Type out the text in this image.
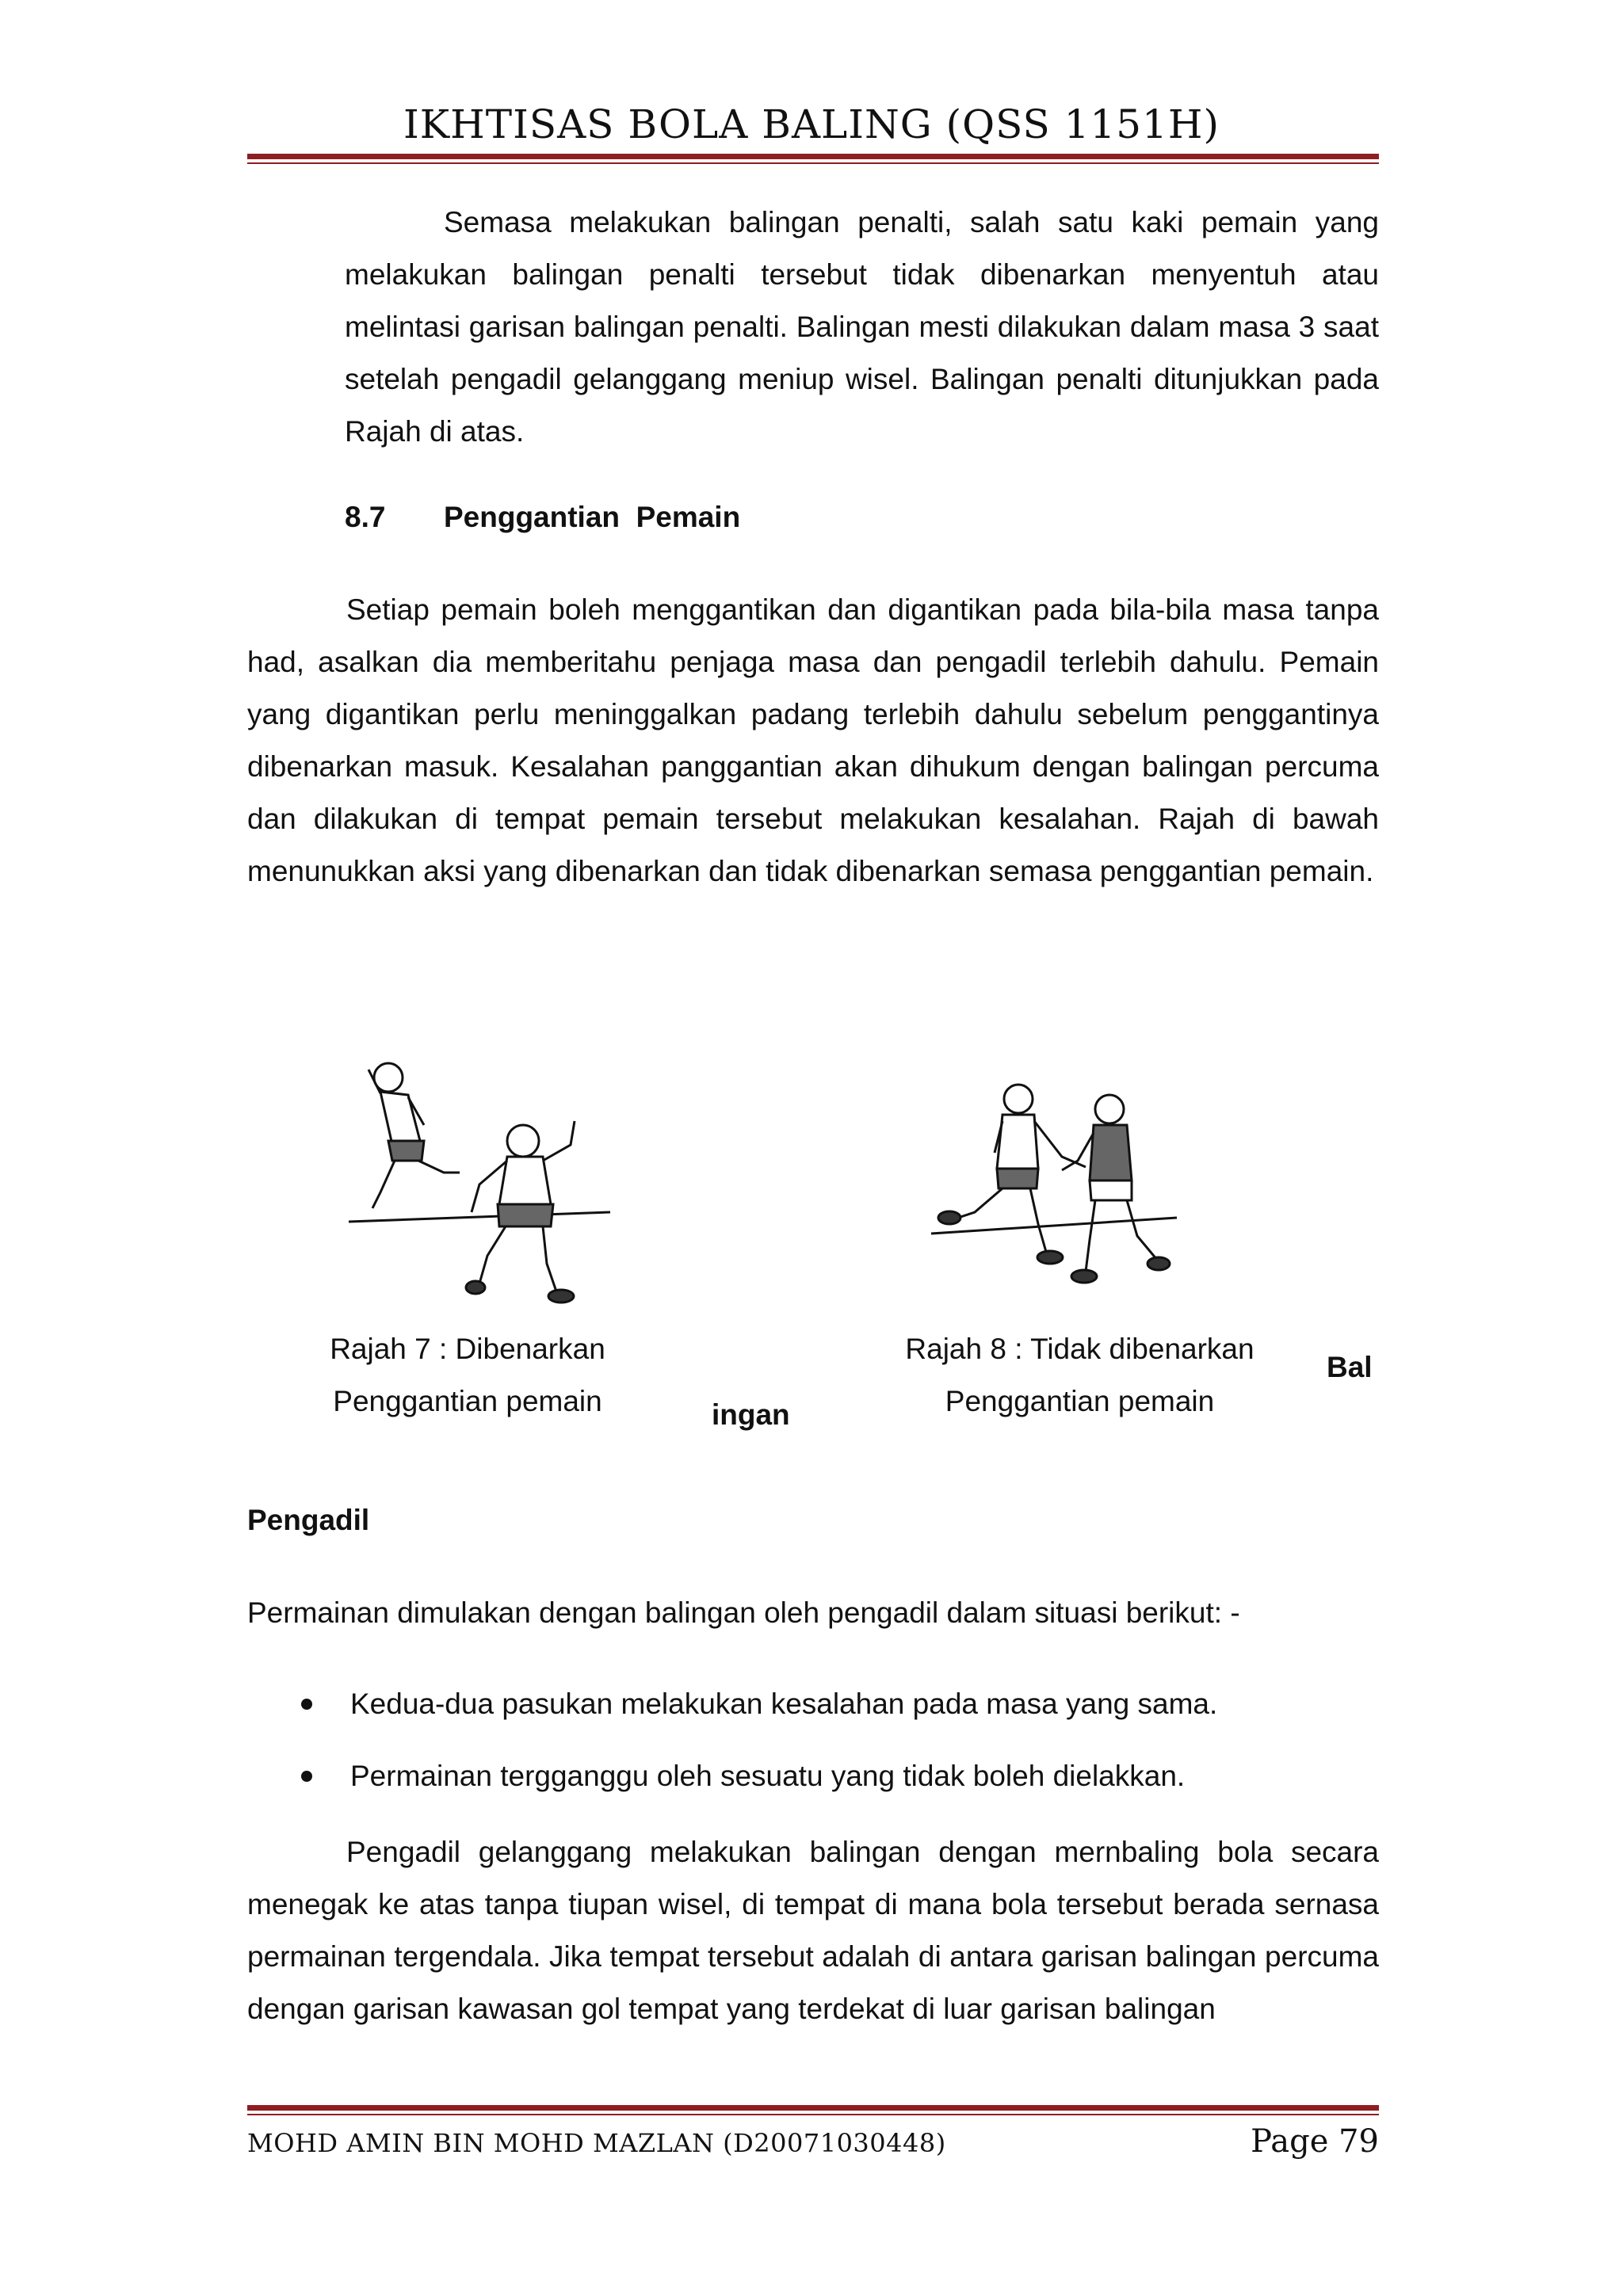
IKHTISAS BOLA BALING (QSS 1151H)

Semasa melakukan balingan penalti, salah satu kaki pemain yang melakukan balingan penalti tersebut tidak dibenarkan menyentuh atau melintasi garisan balingan penalti. Balingan mesti dilakukan dalam masa 3 saat setelah pengadil gelanggang meniup wisel. Balingan penalti ditunjukkan pada Rajah di atas.

8.7 Penggantian  Pemain

Setiap pemain boleh menggantikan dan digantikan pada bila-bila masa tanpa had, asalkan dia memberitahu penjaga masa dan pengadil terlebih dahulu. Pemain yang digantikan perlu meninggalkan padang terlebih dahulu sebelum penggantinya dibenarkan masuk. Kesalahan panggantian akan dihukum dengan balingan percuma dan dilakukan di tempat pemain tersebut melakukan kesalahan. Rajah di bawah menunukkan aksi yang dibenarkan dan tidak dibenarkan semasa penggantian pemain.

Rajah 7 : Dibenarkan
Penggantian pemain	ingan
Rajah 8 : Tidak dibenarkan
Penggantian pemain
Bal
Pengadil
Permainan dimulakan dengan balingan oleh pengadil dalam situasi berikut: -
Kedua-dua pasukan melakukan kesalahan pada masa yang sama.
Permainan tergganggu oleh sesuatu yang tidak boleh dielakkan.

Pengadil gelanggang melakukan balingan dengan mernbaling bola secara menegak ke atas tanpa tiupan wisel, di tempat di mana bola tersebut berada sernasa permainan tergendala. Jika tempat tersebut adalah di antara garisan balingan percuma dengan garisan kawasan gol tempat yang terdekat di luar garisan balingan

MOHD AMIN BIN MOHD MAZLAN (D20071030448)	Page 79
